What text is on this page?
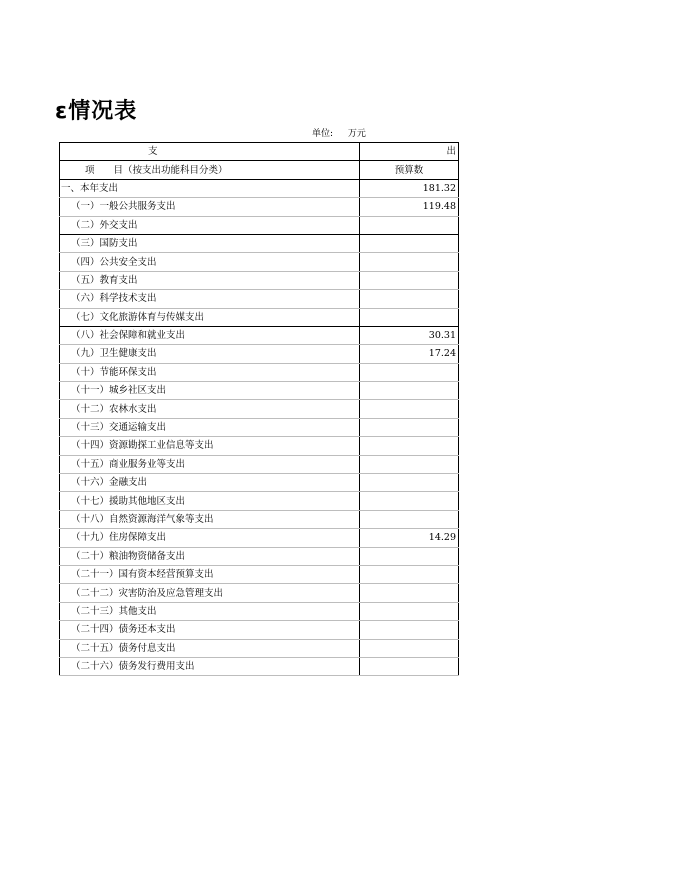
ε情况表
单位: 万元
支	出
项　　目（按支出功能科目分类）	预算数
一、本年支出	181.32
（一）一般公共服务支出	119.48
（二）外交支出	
（三）国防支出	
（四）公共安全支出	
（五）教育支出	
（六）科学技术支出	
（七）文化旅游体育与传媒支出	
（八）社会保障和就业支出	30.31
（九）卫生健康支出	17.24
（十）节能环保支出	
（十一）城乡社区支出	
（十二）农林水支出	
（十三）交通运输支出	
（十四）资源勘探工业信息等支出	
（十五）商业服务业等支出	
（十六）金融支出	
（十七）援助其他地区支出	
（十八）自然资源海洋气象等支出	
（十九）住房保障支出	14.29
（二十）粮油物资储备支出	
（二十一）国有资本经营预算支出	
（二十二）灾害防治及应急管理支出	
（二十三）其他支出	
（二十四）债务还本支出	
（二十五）债务付息支出	
（二十六）债务发行费用支出	
